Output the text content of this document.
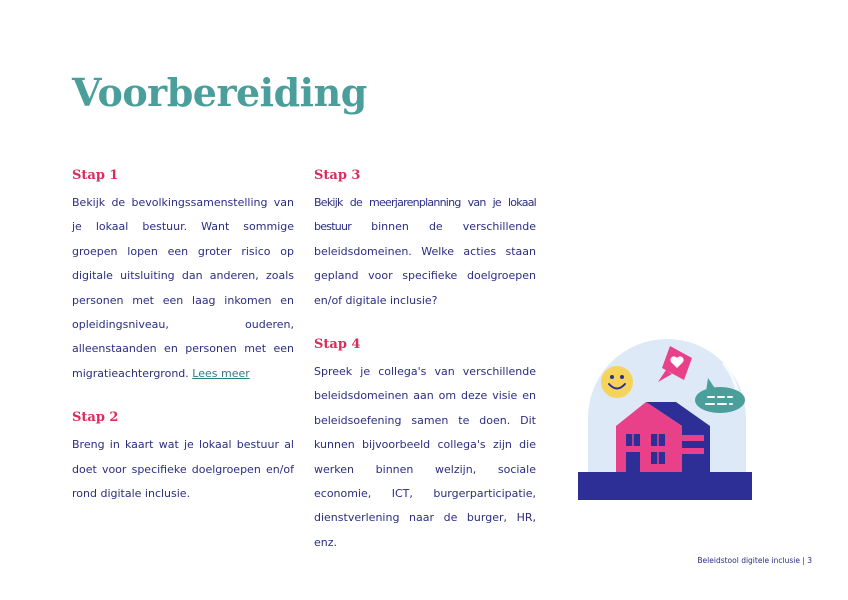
Voorbereiding
Stap 1

Bekijk de bevolkingssamenstelling van je lokaal bestuur. Want sommige groepen lopen een groter risico op digitale uitsluiting dan anderen, zoals personen met een laag inkomen en opleidingsniveau, ouderen, alleenstaanden en personen met een migratieachtergrond. Lees meer

Stap 2

Breng in kaart wat je lokaal bestuur al doet voor specifieke doelgroepen en/of rond digitale inclusie.

Stap 3

Bekijk de meerjarenplanning van je lokaal bestuur binnen de verschillende beleidsdomeinen. Welke acties staan gepland voor specifieke doelgroepen en/of digitale inclusie?

Stap 4

Spreek je collega's van verschillende beleidsdomeinen aan om deze visie en beleidsoefening samen te doen. Dit kunnen bijvoorbeeld collega's zijn die werken binnen welzijn, sociale economie, ICT, burgerparticipatie, dienstverlening naar de burger, HR, enz.

Beleidstool digitele inclusie | 3
